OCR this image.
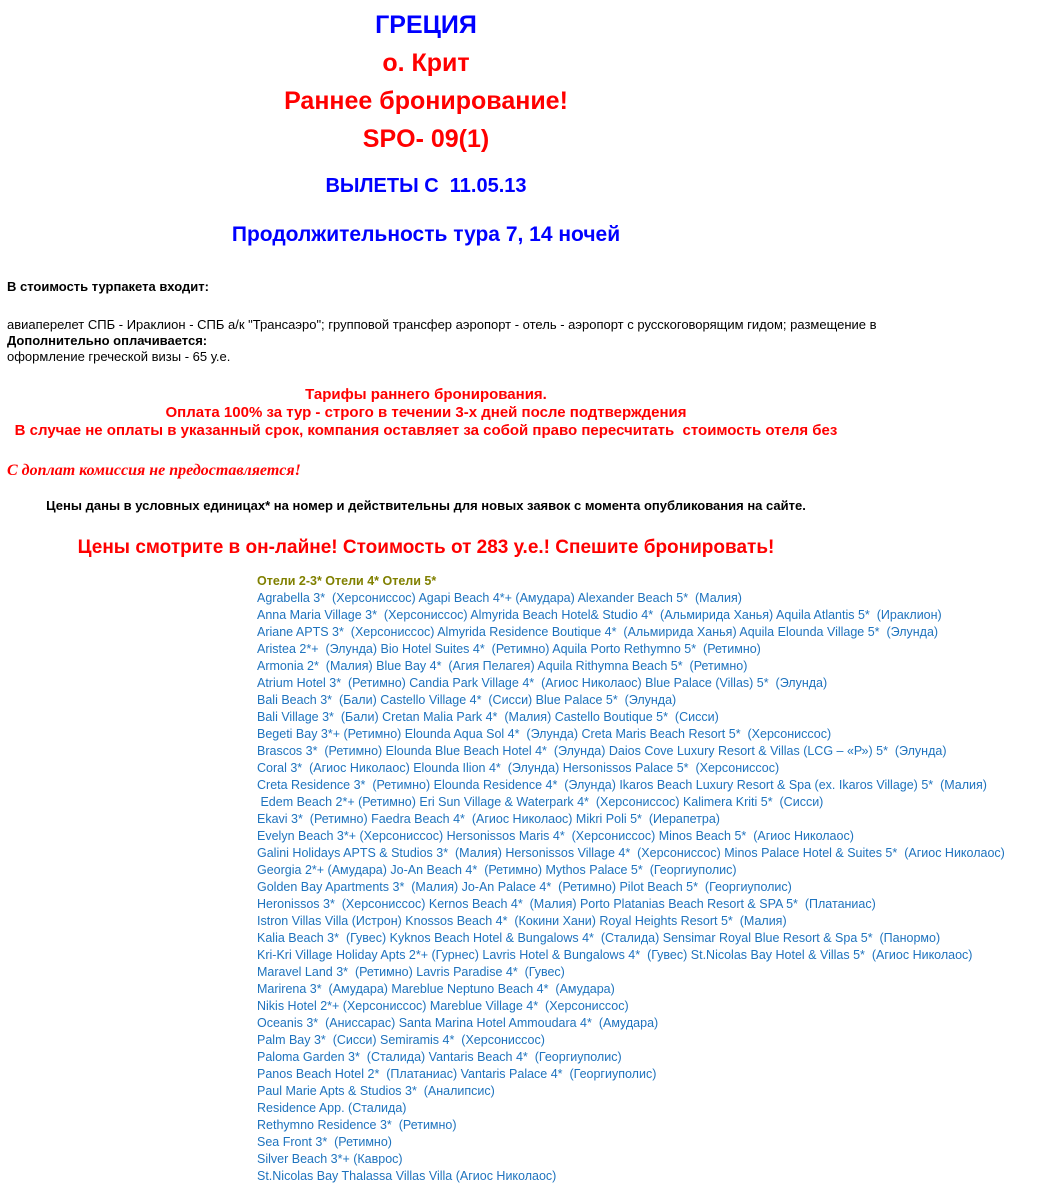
ГРЕЦИЯ
о. Крит
Раннее бронирование!
SPO- 09(1)
ВЫЛЕТЫ С  11.05.13
Продолжительность тура 7, 14 ночей
В стоимость турпакета входит:
авиаперелет СПБ - Ираклион - СПБ а/к "Трансаэро"; групповой трансфер аэропорт - отель - аэропорт с русскоговорящим гидом; размещение в
Дополнительно оплачивается:
оформление греческой визы - 65 у.е.
Тарифы раннего бронирования.
Оплата 100% за тур - строго в течении 3-х дней после подтверждения
В случае не оплаты в указанный срок, компания оставляет за собой право пересчитать  стоимость отеля без
С доплат комиссия не предоставляется!
Цены даны в условных единицах* на номер и действительны для новых заявок с момента опубликования на сайте.
Цены смотрите в он-лайне! Стоимость от 283 у.е.! Спешите бронировать!
Отели 2-3* Отели 4* Отели 5*
Agrabella 3*  (Херсониссос) Agapi Beach 4*+ (Амудара) Alexander Beach 5*  (Малия)
Anna Maria Village 3*  (Херсониссос) Almyrida Beach Hotel& Studio 4*  (Альмирида Ханья) Aquila Atlantis 5*  (Ираклион)
Ariane APTS 3*  (Херсониссос) Almyrida Residence Boutique 4*  (Альмирида Ханья) Aquila Elounda Village 5*  (Элунда)
Aristea 2*+  (Элунда) Bio Hotel Suites 4*  (Ретимно) Aquila Porto Rethymno 5*  (Ретимно)
Armonia 2*  (Малия) Blue Bay 4*  (Агия Пелагея) Aquila Rithymna Beach 5*  (Ретимно)
Atrium Hotel 3*  (Ретимно) Candia Park Village 4*  (Агиос Николаос) Blue Palace (Villas) 5*  (Элунда)
Bali Beach 3*  (Бали) Castello Village 4*  (Сисси) Blue Palace 5*  (Элунда)
Bali Village 3*  (Бали) Cretan Malia Park 4*  (Малия) Castello Boutique 5*  (Сисси)
Begeti Bay 3*+ (Ретимно) Elounda Aqua Sol 4*  (Элунда) Creta Maris Beach Resort 5*  (Херсониссос)
Brascos 3*  (Ретимно) Elounda Blue Beach Hotel 4*  (Элунда) Daios Cove Luxury Resort & Villas (LCG – «Р») 5*  (Элунда)
Coral 3*  (Агиос Николаос) Elounda Ilion 4*  (Элунда) Hersonissos Palace 5*  (Херсониссос)
Creta Residence 3*  (Ретимно) Elounda Residence 4*  (Элунда) Ikaros Beach Luxury Resort & Spa (ex. Ikaros Village) 5*  (Малия)
Edem Beach 2*+ (Ретимно) Eri Sun Village & Waterpark 4*  (Херсониссос) Kalimera Kriti 5*  (Сисси)
Ekavi 3*  (Ретимно) Faedra Beach 4*  (Агиос Николаос) Mikri Poli 5*  (Иерапетра)
Evelyn Beach 3*+ (Херсониссос) Hersonissos Maris 4*  (Херсониссос) Minos Beach 5*  (Агиос Николаос)
Galini Holidays APTS & Studios 3*  (Малия) Hersonissos Village 4*  (Херсониссос) Minos Palace Hotel & Suites 5*  (Агиос Николаос)
Georgia 2*+ (Амудара) Jo-An Beach 4*  (Ретимно) Mythos Palace 5*  (Георгиуполис)
Golden Bay Apartments 3*  (Малия) Jo-An Palace 4*  (Ретимно) Pilot Beach 5*  (Георгиуполис)
Heronissos 3*  (Херсониссос) Kernos Beach 4*  (Малия) Porto Platanias Beach Resort & SPA 5*  (Платаниас)
Istron Villas Villa (Истрон) Knossos Beach 4*  (Кокини Хани) Royal Heights Resort 5*  (Малия)
Kalia Beach 3*  (Гувес) Kyknos Beach Hotel & Bungalows 4*  (Сталида) Sensimar Royal Blue Resort & Spa 5*  (Панормо)
Kri-Kri Village Holiday Apts 2*+ (Гурнес) Lavris Hotel & Bungalows 4*  (Гувес) St.Nicolas Bay Hotel & Villas 5*  (Агиос Николаос)
Maravel Land 3*  (Ретимно) Lavris Paradise 4*  (Гувес)
Marirena 3*  (Амудара) Mareblue Neptuno Beach 4*  (Амудара)
Nikis Hotel 2*+ (Херсониссос) Mareblue Village 4*  (Херсониссос)
Oceanis 3*  (Аниссарас) Santa Marina Hotel Ammoudara 4*  (Амудара)
Palm Bay 3*  (Сисси) Semiramis 4*  (Херсониссос)
Paloma Garden 3*  (Сталида) Vantaris Beach 4*  (Георгиуполис)
Panos Beach Hotel 2*  (Платаниас) Vantaris Palace 4*  (Георгиуполис)
Paul Marie Apts & Studios 3*  (Аналипсис)
Residence App. (Сталида)
Rethymno Residence 3*  (Ретимно)
Sea Front 3*  (Ретимно)
Silver Beach 3*+ (Каврос)
St.Nicolas Bay Thalassa Villas Villa (Агиос Николаос)
